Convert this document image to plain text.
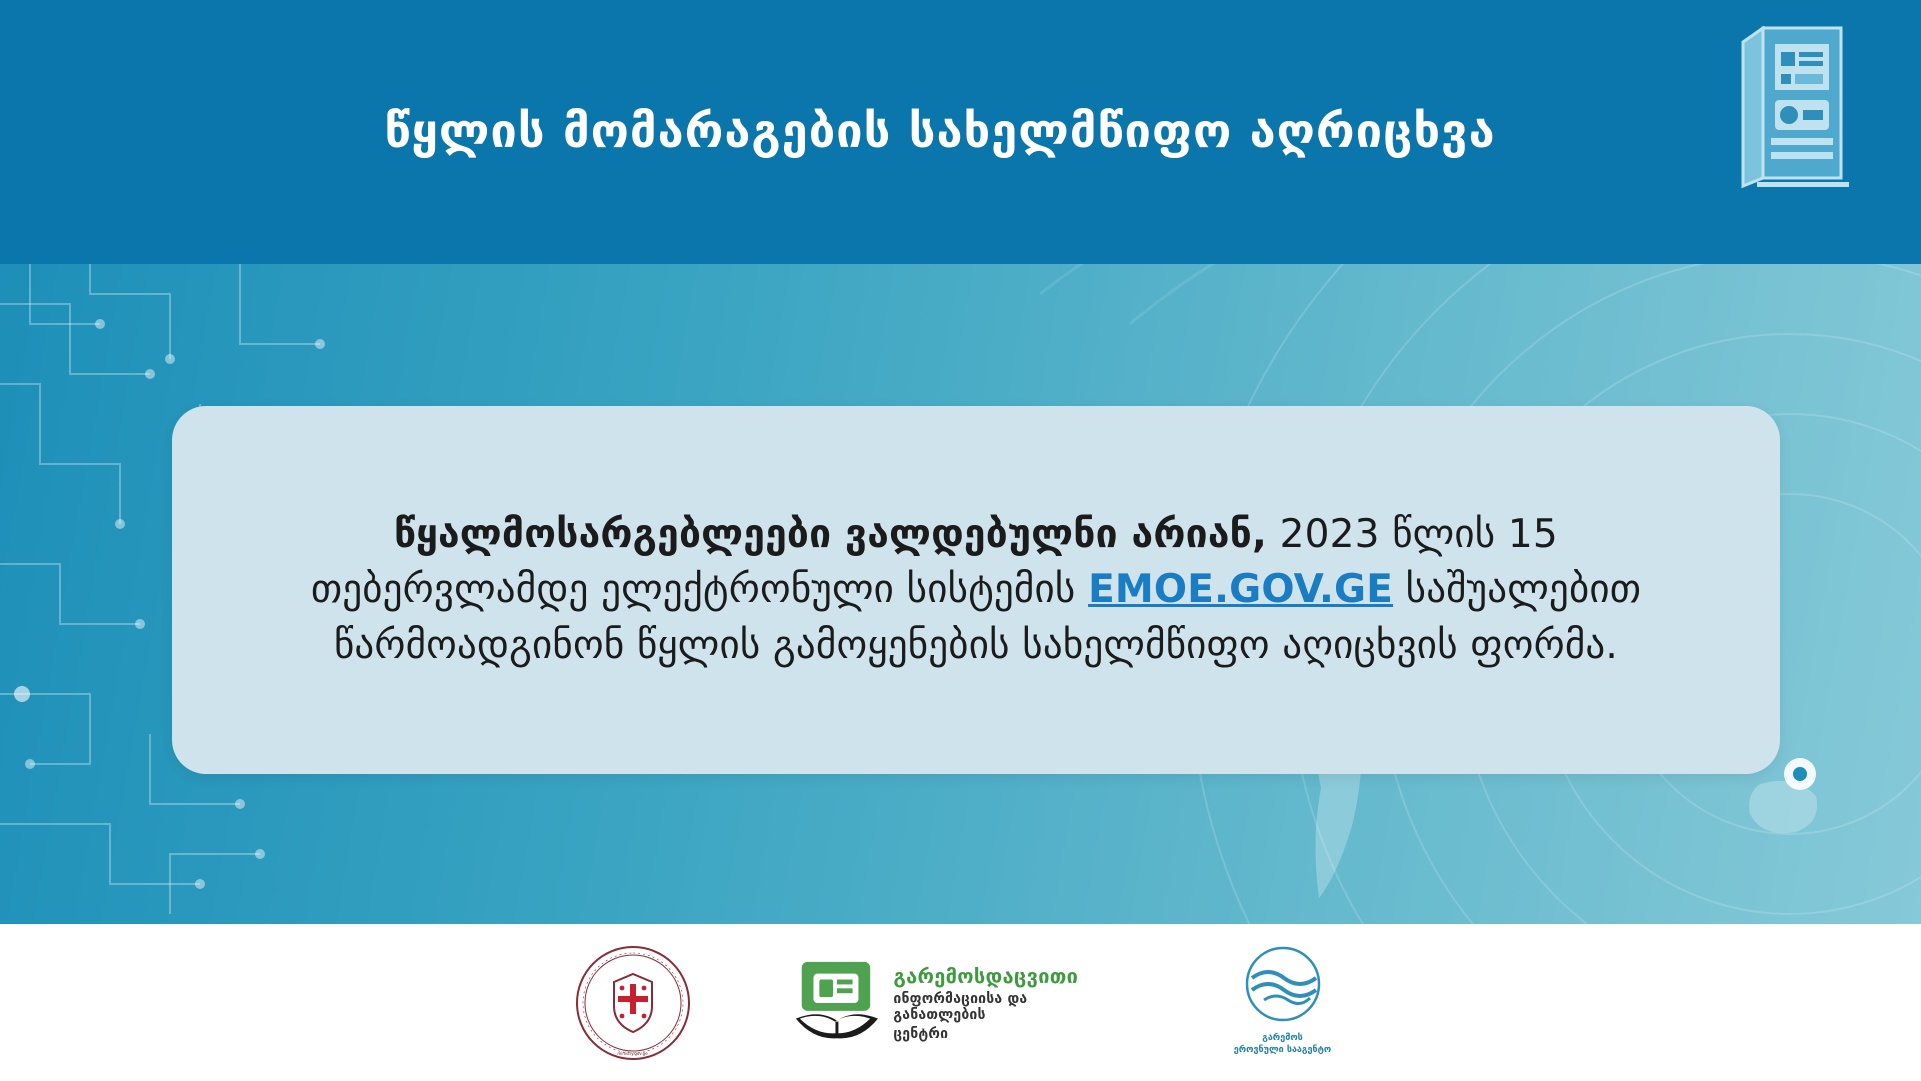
წყლის მომარაგების სახელმწიფო აღრიცხვა
წყალმოსარგებლეები ვალდებულნი არიან, 2023 წლის 15 თებერვლამდე ელექტრონული სისტემის EMOE.GOV.GE საშუალებით წარმოადგინონ წყლის გამოყენების სახელმწიფო აღიცხვის ფორმა.
ministry.gov.ge
გარემოსდაცვითი
ინფორმაციისა და განათლების
ცენტრი	გარემოს
ეროვნული სააგენტო
